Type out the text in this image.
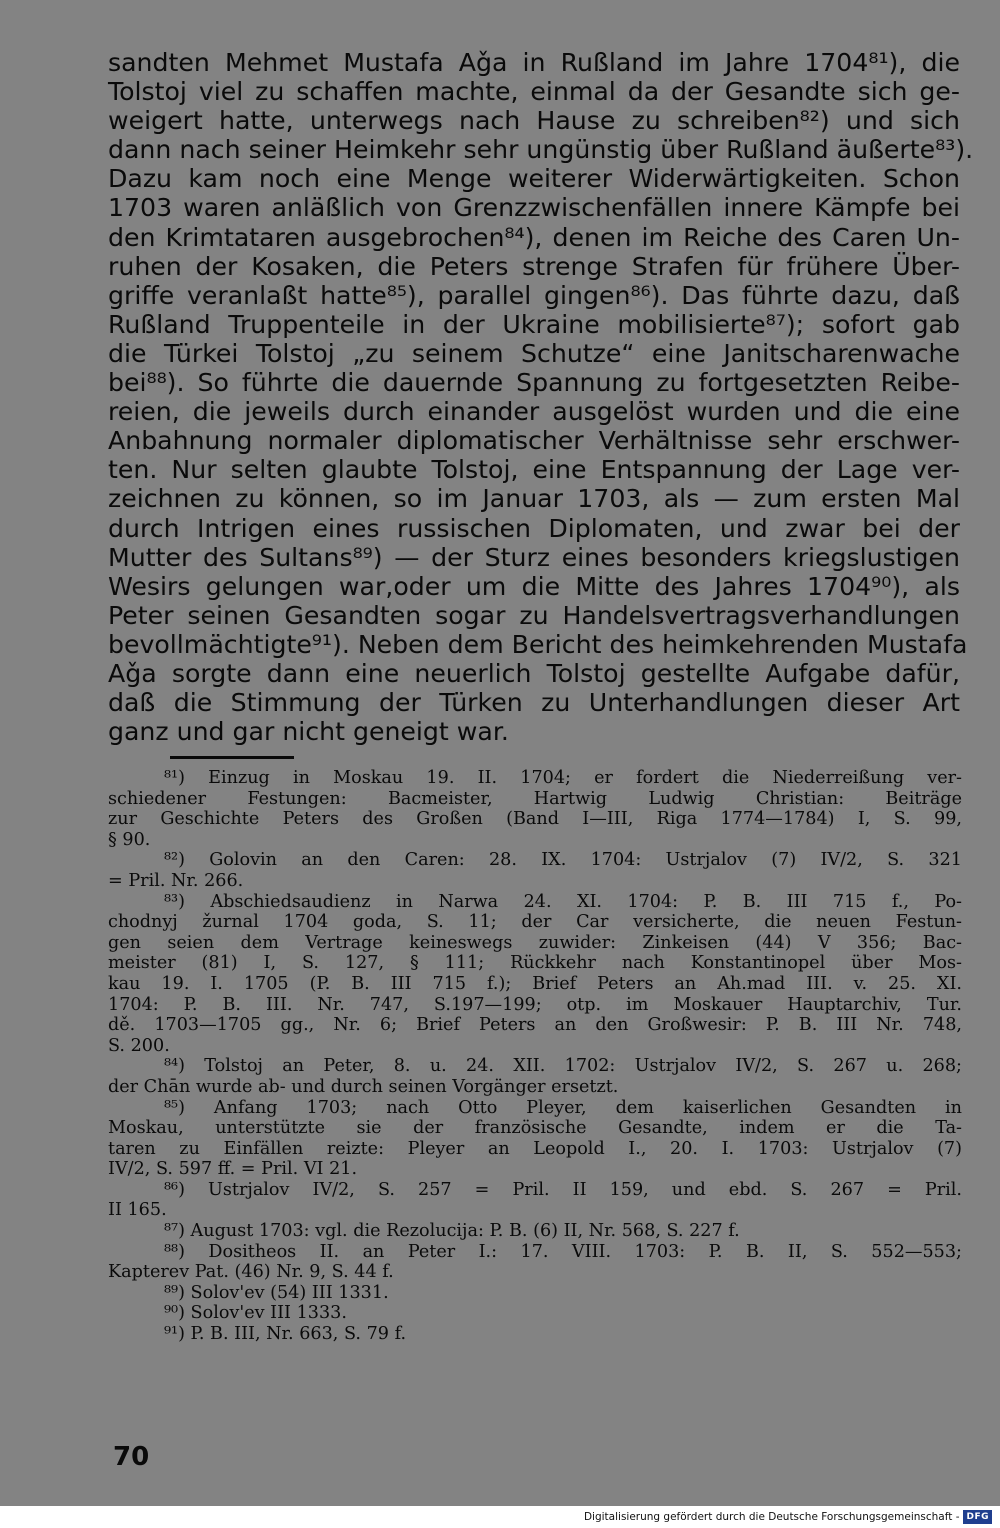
sandten Mehmet Mustafa Aǧa in Rußland im Jahre 1704⁸¹), die
Tolstoj viel zu schaffen machte, einmal da der Gesandte sich ge-
weigert hatte, unterwegs nach Hause zu schreiben⁸²) und sich
dann nach seiner Heimkehr sehr ungünstig über Rußland äußerte⁸³).
Dazu kam noch eine Menge weiterer Widerwärtigkeiten. Schon
1703 waren anläßlich von Grenzzwischenfällen innere Kämpfe bei
den Krimtataren ausgebrochen⁸⁴), denen im Reiche des Caren Un-
ruhen der Kosaken, die Peters strenge Strafen für frühere Über-
griffe veranlaßt hatte⁸⁵), parallel gingen⁸⁶). Das führte dazu, daß
Rußland Truppenteile in der Ukraine mobilisierte⁸⁷); sofort gab
die Türkei Tolstoj „zu seinem Schutze“ eine Janitscharenwache
bei⁸⁸). So führte die dauernde Spannung zu fortgesetzten Reibe-
reien, die jeweils durch einander ausgelöst wurden und die eine
Anbahnung normaler diplomatischer Verhältnisse sehr erschwer-
ten. Nur selten glaubte Tolstoj, eine Entspannung der Lage ver-
zeichnen zu können, so im Januar 1703, als — zum ersten Mal
durch Intrigen eines russischen Diplomaten, und zwar bei der
Mutter des Sultans⁸⁹) — der Sturz eines besonders kriegslustigen
Wesirs gelungen war,oder um die Mitte des Jahres 1704⁹⁰), als
Peter seinen Gesandten sogar zu Handelsvertragsverhandlungen
bevollmächtigte⁹¹). Neben dem Bericht des heimkehrenden Mustafa
Aǧa sorgte dann eine neuerlich Tolstoj gestellte Aufgabe dafür,
daß die Stimmung der Türken zu Unterhandlungen dieser Art
ganz und gar nicht geneigt war.
⁸¹) Einzug in Moskau 19. II. 1704; er fordert die Niederreißung ver-
schiedener Festungen: Bacmeister, Hartwig Ludwig Christian: Beiträge
zur Geschichte Peters des Großen (Band I—III, Riga 1774—1784) I, S. 99,
§ 90.
⁸²) Golovin an den Caren: 28. IX. 1704: Ustrjalov (7) IV/2, S. 321
= Pril. Nr. 266.
⁸³) Abschiedsaudienz in Narwa 24. XI. 1704: P. B. III 715 f., Po-
chodnyj žurnal 1704 goda, S. 11; der Car versicherte, die neuen Festun-
gen seien dem Vertrage keineswegs zuwider: Zinkeisen (44) V 356; Bac-
meister (81) I, S. 127, § 111; Rückkehr nach Konstantinopel über Mos-
kau 19. I. 1705 (P. B. III 715 f.); Brief Peters an Ah.mad III. v. 25. XI.
1704: P. B. III. Nr. 747, S.197—199; otp. im Moskauer Hauptarchiv, Tur.
dě. 1703—1705 gg., Nr. 6; Brief Peters an den Großwesir: P. B. III Nr. 748,
S. 200.
⁸⁴) Tolstoj an Peter, 8. u. 24. XII. 1702: Ustrjalov IV/2, S. 267 u. 268;
der Chān wurde ab- und durch seinen Vorgänger ersetzt.
⁸⁵) Anfang 1703; nach Otto Pleyer, dem kaiserlichen Gesandten in
Moskau, unterstützte sie der französische Gesandte, indem er die Ta-
taren zu Einfällen reizte: Pleyer an Leopold I., 20. I. 1703: Ustrjalov (7)
IV/2, S. 597 ff. = Pril. VI 21.
⁸⁶) Ustrjalov IV/2, S. 257 = Pril. II 159, und ebd. S. 267 = Pril.
II 165.
⁸⁷) August 1703: vgl. die Rezolucija: P. B. (6) II, Nr. 568, S. 227 f.
⁸⁸) Dositheos II. an Peter I.: 17. VIII. 1703: P. B. II, S. 552—553;
Kapterev Pat. (46) Nr. 9, S. 44 f.
⁸⁹) Solov'ev (54) III 1331.
⁹⁰) Solov'ev III 1333.
⁹¹) P. B. III, Nr. 663, S. 79 f.
70
Digitalisierung gefördert durch die Deutsche Forschungsgemeinschaft - DFG
